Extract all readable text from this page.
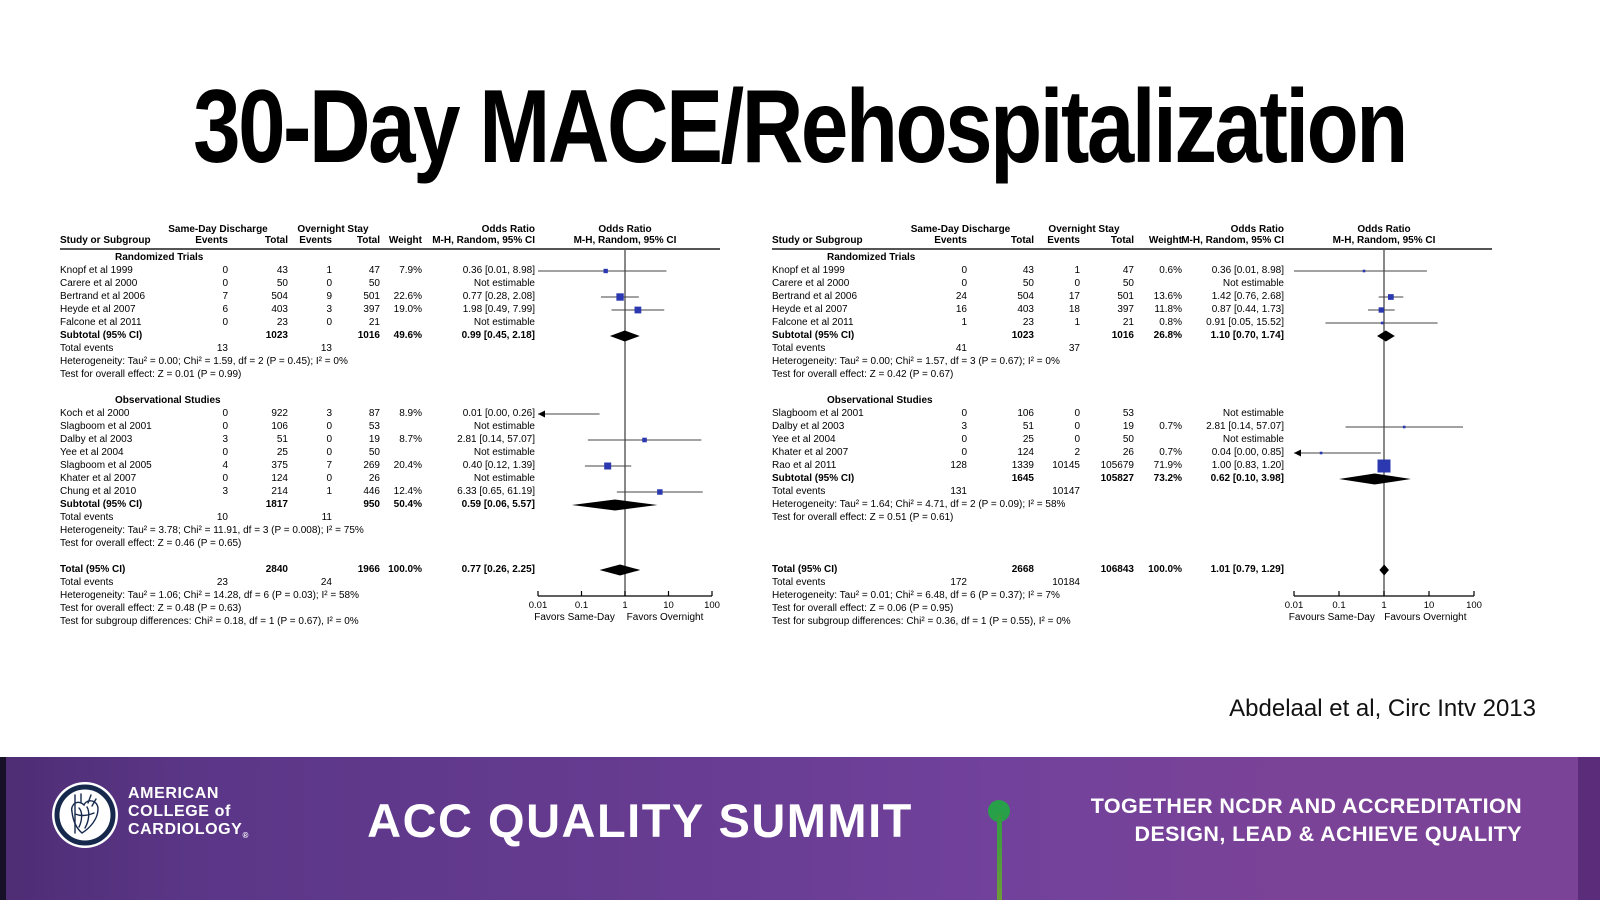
30-Day MACE/Rehospitalization
Same-Day Discharge	Overnight Stay	Odds Ratio	Odds Ratio
Study or Subgroup	Events	Total	Events	Total Weight	M-H, Random, 95% CI	M-H, Random, 95% CI
Randomized Trials
Knopf et al 1999	0	43	1	47	7.9%	0.36 [0.01, 8.98]
Carere et al 2000	0	50	0	50	Not estimable
Bertrand et al 2006	7	504	9	501	22.6%	0.77 [0.28, 2.08]
Heyde et al 2007	6	403	3	397	19.0%	1.98 [0.49, 7.99]
Falcone et al 2011	0	23	0	21	Not estimable
Subtotal (95% CI)	1023	1016	49.6%	0.99 [0.45, 2.18]
Total events	13	13
Heterogeneity: Tau² = 0.00; Chi² = 1.59, df = 2 (P = 0.45); I² = 0%
Test for overall effect: Z = 0.01 (P = 0.99)
Observational Studies
Koch et al 2000	0	922	3	87	8.9%	0.01 [0.00, 0.26]
Slagboom et al 2001	0	106	0	53	Not estimable
Dalby et al 2003	3	51	0	19	8.7%	2.81 [0.14, 57.07]
Yee et al 2004	0	25	0	50	Not estimable
Slagboom et al 2005	4	375	7	269	20.4%	0.40 [0.12, 1.39]
Khater et al 2007	0	124	0	26	Not estimable
Chung et al 2010	3	214	1	446	12.4%	6.33 [0.65, 61.19]
Subtotal (95% CI)	1817	950	50.4%	0.59 [0.06, 5.57]
Total events	10	11
Heterogeneity: Tau² = 3.78; Chi² = 11.91, df = 3 (P = 0.008); I² = 75%
Test for overall effect: Z = 0.46 (P = 0.65)
Total (95% CI)	2840	1966 100.0%	0.77 [0.26, 2.25]
Total events	23	24
Heterogeneity: Tau² = 1.06; Chi² = 14.28, df = 6 (P = 0.03); I² = 58%
Test for overall effect: Z = 0.48 (P = 0.63)
Test for subgroup differences: Chi² = 0.18, df = 1 (P = 0.67), I² = 0%
0.01	0.1	1	10	100
Favors Same-Day Favors Overnight
Same-Day Discharge	Overnight Stay	Odds Ratio	Odds Ratio
Study or Subgroup	Events	Total	Events	Total	Weight M-H, Random, 95% CI	M-H, Random, 95% CI
Randomized Trials
Knopf et al 1999	0	43	1	47	0.6%	0.36 [0.01, 8.98]
Carere et al 2000	0	50	0	50	Not estimable
Bertrand et al 2006	24	504	17	501	13.6%	1.42 [0.76, 2.68]
Heyde et al 2007	16	403	18	397	11.8%	0.87 [0.44, 1.73]
Falcone et al 2011	1	23	1	21	0.8%	0.91 [0.05, 15.52]
Subtotal (95% CI)	1023	1016	26.8%	1.10 [0.70, 1.74]
Total events	41	37
Heterogeneity: Tau² = 0.00; Chi² = 1.57, df = 3 (P = 0.67); I² = 0%
Test for overall effect: Z = 0.42 (P = 0.67)
Observational Studies
Slagboom et al 2001	0	106	0	53	Not estimable
Dalby et al 2003	3	51	0	19	0.7%	2.81 [0.14, 57.07]
Yee et al 2004	0	25	0	50	Not estimable
Khater et al 2007	0	124	2	26	0.7%	0.04 [0.00, 0.85]
Rao et al 2011	128	1339	10145	105679	71.9%	1.00 [0.83, 1.20]
Subtotal (95% CI)	1645	105827	73.2%	0.62 [0.10, 3.98]
Total events	131	10147
Heterogeneity: Tau² = 1.64; Chi² = 4.71, df = 2 (P = 0.09); I² = 58%
Test for overall effect: Z = 0.51 (P = 0.61)
Total (95% CI)	2668	106843	100.0%	1.01 [0.79, 1.29]
Total events	172	10184
Heterogeneity: Tau² = 0.01; Chi² = 6.48, df = 6 (P = 0.37); I² = 7%
Test for overall effect: Z = 0.06 (P = 0.95)
Test for subgroup differences: Chi² = 0.36, df = 1 (P = 0.55), I² = 0%
0.01	0.1	1	10	100
Favours Same-Day Favours Overnight
Abdelaal et al, Circ Intv 2013
AMERICAN
COLLEGE of
$CARDIOLOGY_®$	ACC QUALITY SUMMIT	TOGETHER NCDR AND ACCREDITATION
DESIGN, LEAD & ACHIEVE QUALITY
